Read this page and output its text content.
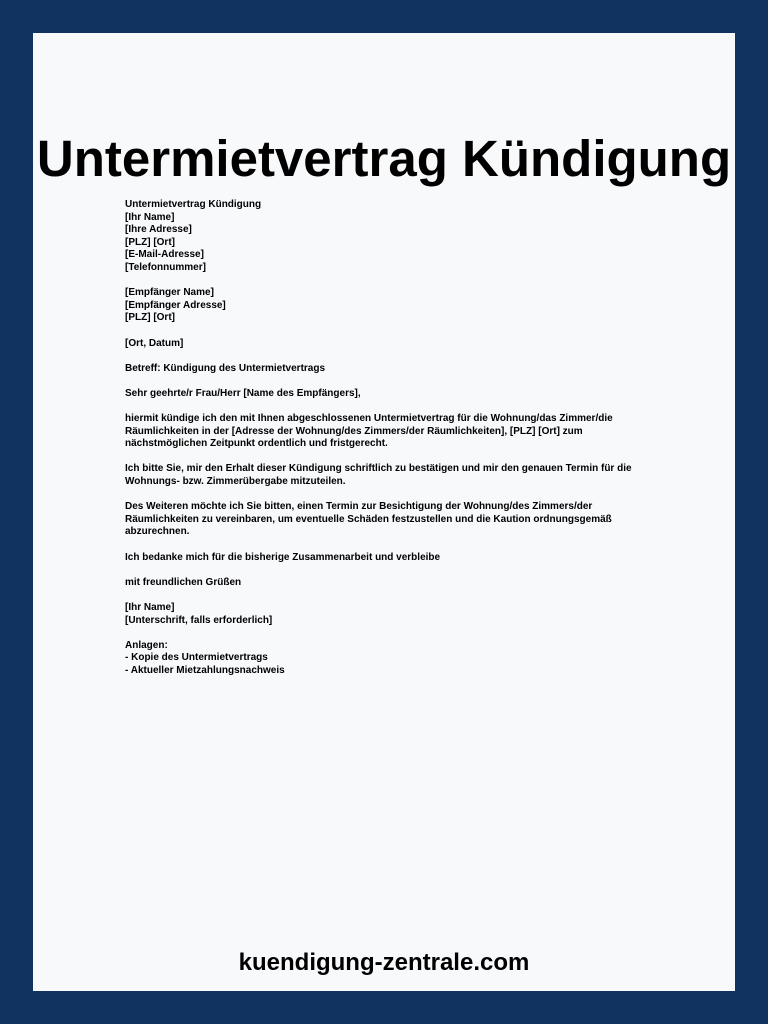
Untermietvertrag Kündigung

Untermietvertrag Kündigung
[Ihr Name]
[Ihre Adresse]
[PLZ] [Ort]
[E-Mail-Adresse]
[Telefonnummer]

[Empfänger Name]
[Empfänger Adresse]
[PLZ] [Ort]

[Ort, Datum]

Betreff: Kündigung des Untermietvertrags

Sehr geehrte/r Frau/Herr [Name des Empfängers],

hiermit kündige ich den mit Ihnen abgeschlossenen Untermietvertrag für die Wohnung/das Zimmer/die Räumlichkeiten in der [Adresse der Wohnung/des Zimmers/der Räumlichkeiten], [PLZ] [Ort] zum nächstmöglichen Zeitpunkt ordentlich und fristgerecht.

Ich bitte Sie, mir den Erhalt dieser Kündigung schriftlich zu bestätigen und mir den genauen Termin für die Wohnungs- bzw. Zimmerübergabe mitzuteilen.

Des Weiteren möchte ich Sie bitten, einen Termin zur Besichtigung der Wohnung/des Zimmers/der Räumlichkeiten zu vereinbaren, um eventuelle Schäden festzustellen und die Kaution ordnungsgemäß abzurechnen.

Ich bedanke mich für die bisherige Zusammenarbeit und verbleibe

mit freundlichen Grüßen

[Ihr Name]
[Unterschrift, falls erforderlich]

Anlagen:
- Kopie des Untermietvertrags
- Aktueller Mietzahlungsnachweis

kuendigung-zentrale.com
